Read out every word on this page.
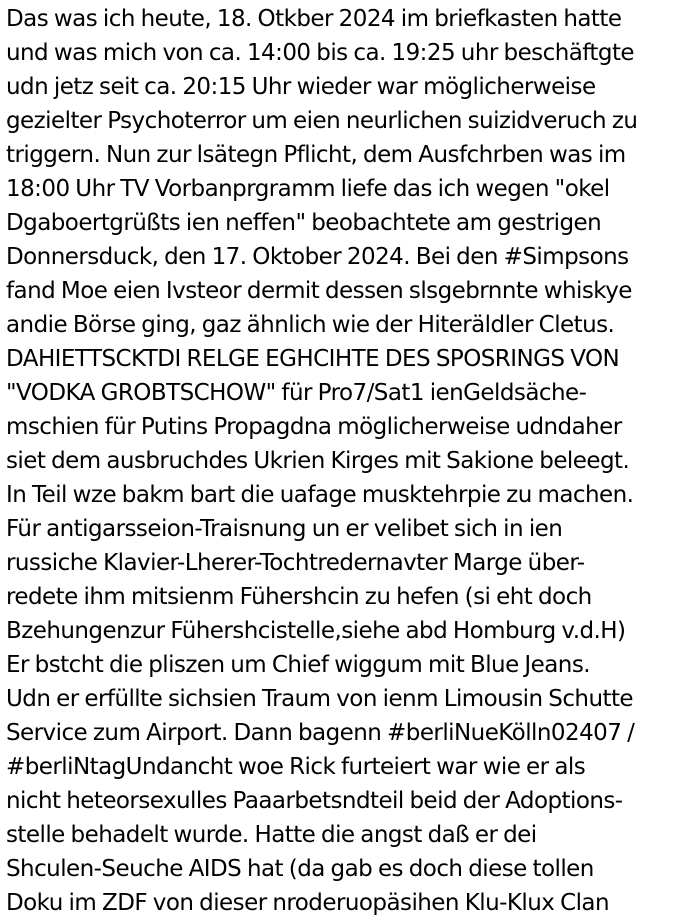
Das was ich heute, 18. Otkber 2024 im briefkasten hatte
und was mich von ca. 14:00 bis ca. 19:25 uhr beschäftgte
udn jetz seit ca. 20:15 Uhr wieder war möglicherweise
gezielter Psychoterror um eien neurlichen suizidveruch zu
triggern. Nun zur lsätegn Pflicht, dem Ausfchrben was im
18:00 Uhr TV Vorbanprgramm liefe das ich wegen "okel
Dgaboertgrüßts ien neffen" beobachtete am gestrigen
Donnersduck, den 17. Oktober 2024. Bei den #Simpsons
fand Moe eien Ivsteor dermit dessen slsgebrnnte whiskye
andie Börse ging, gaz ähnlich wie der Hiteräldler Cletus.
DAHIETTSCKTDI RELGE EGHCIHTE DES SPOSRINGS VON
"VODKA GROBTSCHOW" für Pro7/Sat1 ienGeldsäche-
mschien für Putins Propagdna möglicherweise udndaher
siet dem ausbruchdes Ukrien Kirges mit Sakione beleegt.
In Teil wze bakm bart die uafage musktehrpie zu machen.
Für antigarsseion-Traisnung un er velibet sich in ien
russiche Klavier-Lherer-Tochtredernavter Marge über-
redete ihm mitsienm Fühershcin zu hefen (si eht doch
Bzehungenzur Fühershcistelle,siehe abd Homburg v.d.H)
Er bstcht die pliszen um Chief wiggum mit Blue Jeans.
Udn er erfüllte sichsien Traum von ienm Limousin Schutte
Service zum Airport. Dann bagenn #berliNueKölln02407 /
#berliNtagUndancht woe Rick furteiert war wie er als
nicht heteorsexulles Paaarbetsndteil beid der Adoptions-
stelle behadelt wurde. Hatte die angst daß er dei
Shculen-Seuche AIDS hat (da gab es doch diese tollen
Doku im ZDF von dieser nroderuopäsihen Klu-Klux Clan
